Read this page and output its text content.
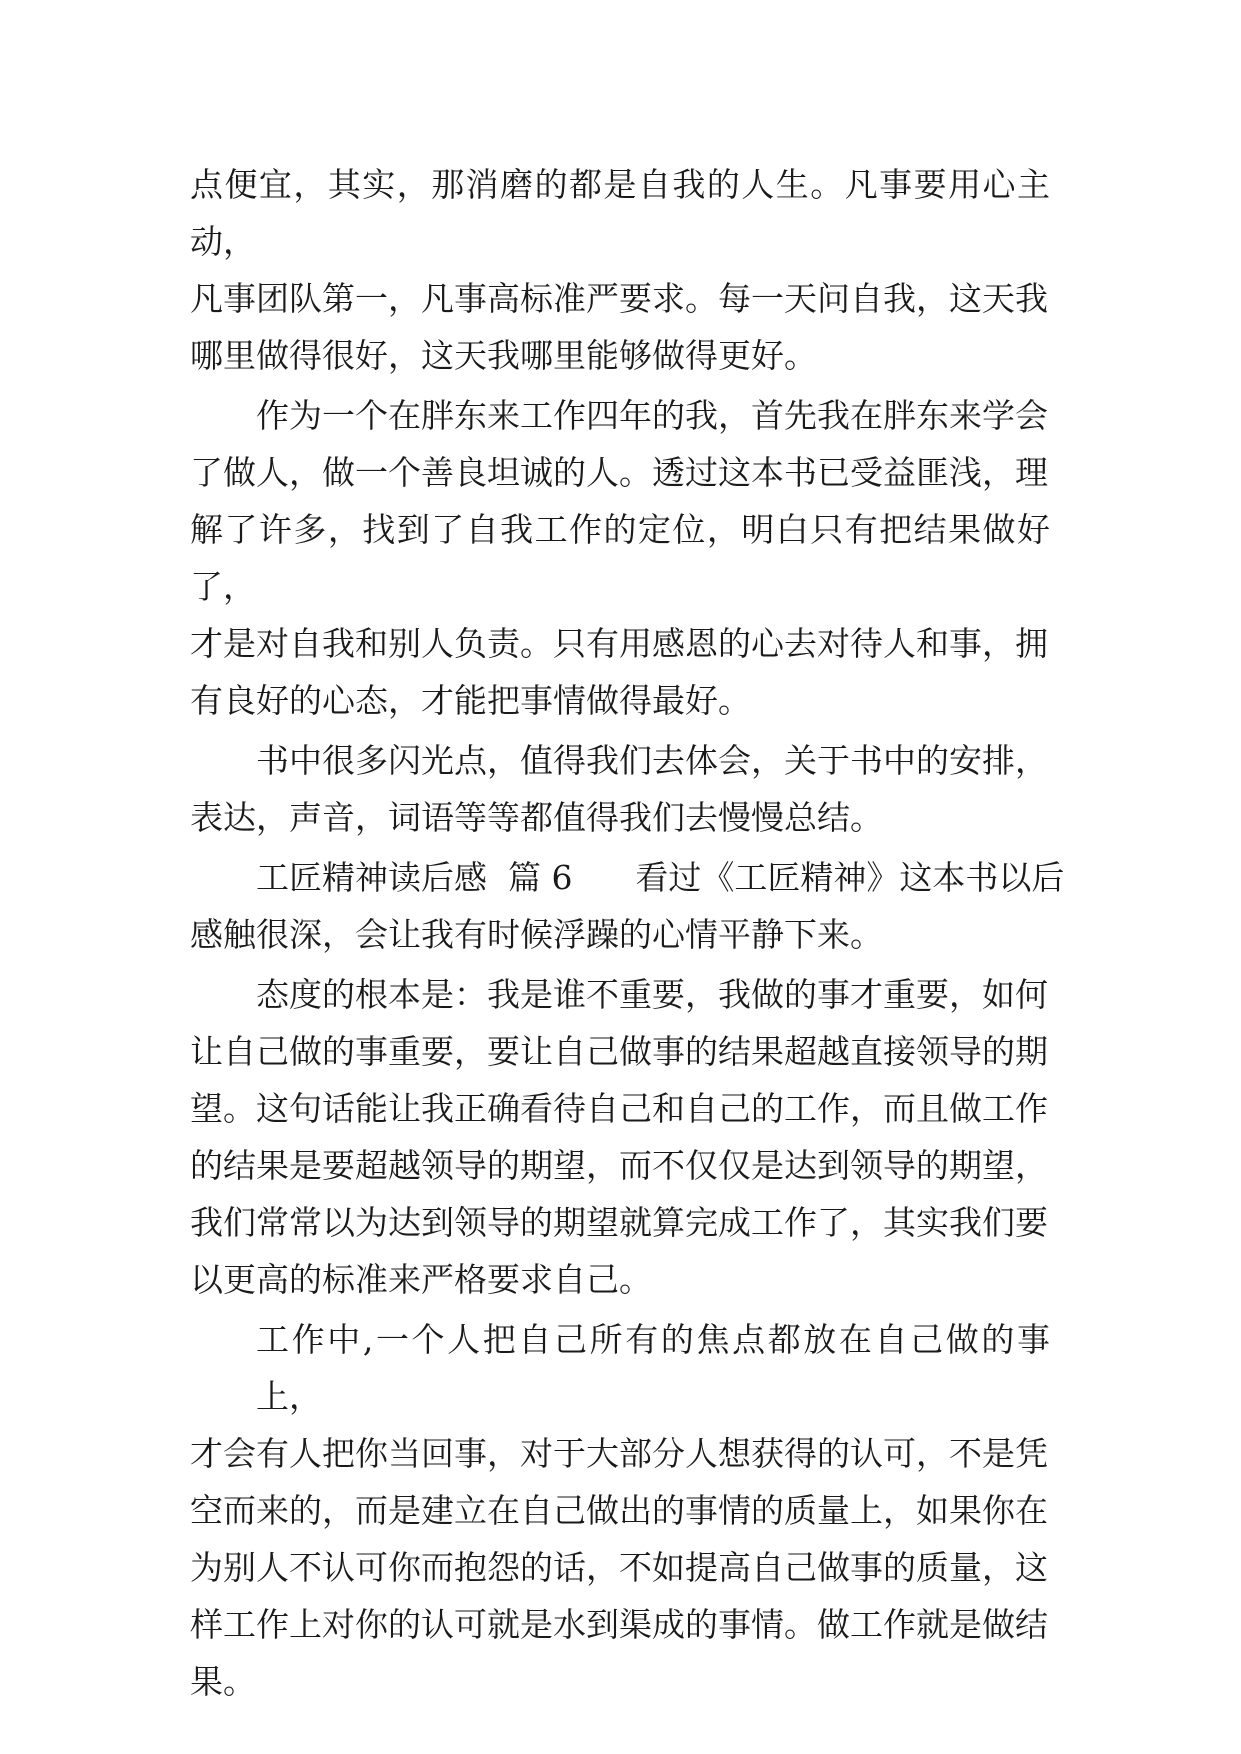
点便宜，其实，那消磨的都是自我的人生。凡事要用心主动，
凡事团队第一，凡事高标准严要求。每一天问自我，这天我
哪里做得很好，这天我哪里能够做得更好。
作为一个在胖东来工作四年的我，首先我在胖东来学会
了做人，做一个善良坦诚的人。透过这本书已受益匪浅，理
解了许多，找到了自我工作的定位，明白只有把结果做好了，
才是对自我和别人负责。只有用感恩的心去对待人和事，拥
有良好的心态，才能把事情做得最好。
书中很多闪光点，值得我们去体会，关于书中的安排，
表达，声音，词语等等都值得我们去慢慢总结。
工匠精神读后感  篇 6      看过《工匠精神》这本书以后
感触很深，会让我有时候浮躁的心情平静下来。
态度的根本是：我是谁不重要，我做的事才重要，如何
让自己做的事重要，要让自己做事的结果超越直接领导的期
望。这句话能让我正确看待自己和自己的工作，而且做工作
的结果是要超越领导的期望，而不仅仅是达到领导的期望，
我们常常以为达到领导的期望就算完成工作了，其实我们要
以更高的标准来严格要求自己。
工作中,一个人把自己所有的焦点都放在自己做的事上，
才会有人把你当回事，对于大部分人想获得的认可，不是凭
空而来的，而是建立在自己做出的事情的质量上，如果你在
为别人不认可你而抱怨的话，不如提高自己做事的质量，这
样工作上对你的认可就是水到渠成的事情。做工作就是做结
果。
